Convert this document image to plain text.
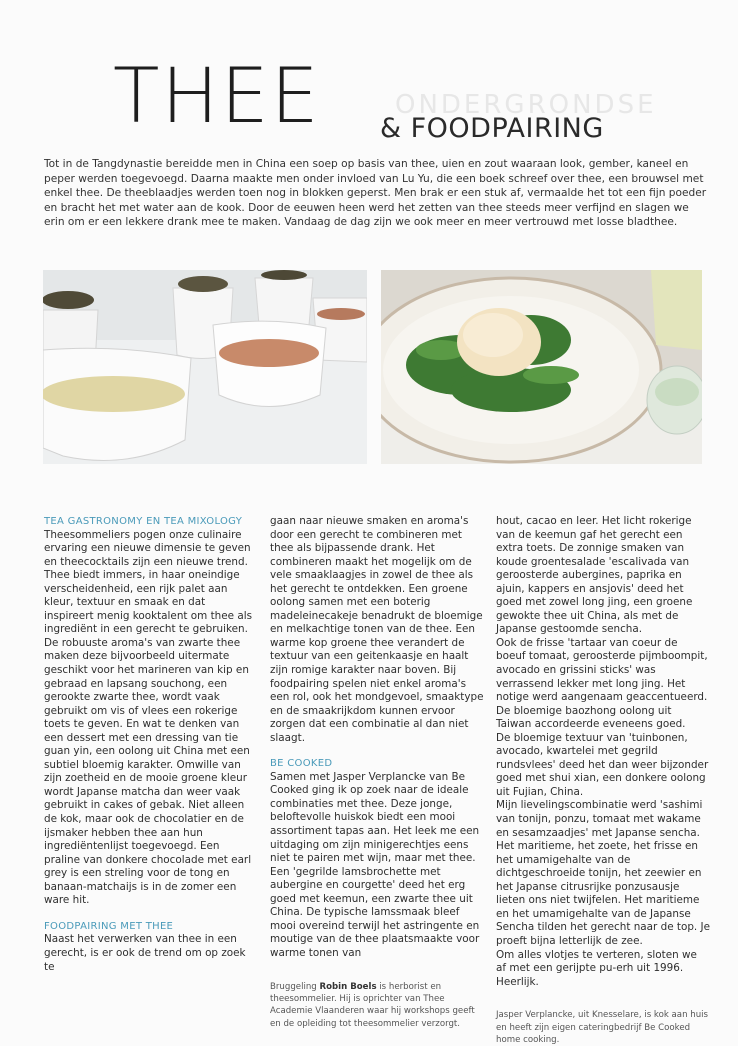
ONDERGRONDSE
THEE & FOODPAIRING
Tot in de Tangdynastie bereidde men in China een soep op basis van thee, uien en zout waaraan look, gember, kaneel en peper werden toegevoegd. Daarna maakte men onder invloed van Lu Yu, die een boek schreef over thee, een brouwsel met enkel thee. De theeblaadjes werden toen nog in blokken geperst. Men brak er een stuk af, vermaalde het tot een fijn poeder en bracht het met water aan de kook. Door de eeuwen heen werd het zetten van thee steeds meer verfijnd en slagen we erin om er een lekkere drank mee te maken. Vandaag de dag zijn we ook meer en meer vertrouwd met losse bladthee.

TEA GASTRONOMY EN TEA MIXOLOGY

Theesommeliers pogen onze culinaire ervaring een nieuwe dimensie te geven en theecocktails zijn een nieuwe trend. Thee biedt immers, in haar oneindige verscheidenheid, een rijk palet aan kleur, textuur en smaak en dat inspireert menig kooktalent om thee als ingrediënt in een gerecht te gebruiken. De robuuste aroma's van zwarte thee maken deze bijvoorbeeld uitermate geschikt voor het marineren van kip en gebraad en lapsang souchong, een gerookte zwarte thee, wordt vaak gebruikt om vis of vlees een rokerige toets te geven. En wat te denken van een dessert met een dressing van tie guan yin, een oolong uit China met een subtiel bloemig karakter. Omwille van zijn zoetheid en de mooie groene kleur wordt Japanse matcha dan weer vaak gebruikt in cakes of gebak. Niet alleen de kok, maar ook de chocolatier en de ijsmaker hebben thee aan hun ingrediëntenlijst toegevoegd. Een praline van donkere chocolade met earl grey is een streling voor de tong en banaan-matchaijs is in de zomer een ware hit.

FOODPAIRING MET THEE

Naast het verwerken van thee in een gerecht, is er ook de trend om op zoek te

gaan naar nieuwe smaken en aroma's door een gerecht te combineren met thee als bijpassende drank. Het combineren maakt het mogelijk om de vele smaaklaagjes in zowel de thee als het gerecht te ontdekken. Een groene oolong samen met een boterig madeleinecakeje benadrukt de bloemige en melkachtige tonen van de thee. Een warme kop groene thee verandert de textuur van een geitenkaasje en haalt zijn romige karakter naar boven. Bij foodpairing spelen niet enkel aroma's een rol, ook het mondgevoel, smaaktype en de smaakrijkdom kunnen ervoor zorgen dat een combinatie al dan niet slaagt.

BE COOKED

Samen met Jasper Verplancke van Be Cooked ging ik op zoek naar de ideale combinaties met thee. Deze jonge, beloftevolle huiskok biedt een mooi assortiment tapas aan. Het leek me een uitdaging om zijn minigerechtjes eens niet te pairen met wijn, maar met thee.

Een 'gegrilde lamsbrochette met aubergine en courgette' deed het erg goed met keemun, een zwarte thee uit China. De typische lamssmaak bleef mooi overeind terwijl het astringente en moutige van de thee plaatsmaakte voor warme tonen van

Bruggeling Robin Boels is herborist en theesommelier. Hij is oprichter van Thee Academie Vlaanderen waar hij workshops geeft en de opleiding tot theesommelier verzorgt.

hout, cacao en leer. Het licht rokerige van de keemun gaf het gerecht een extra toets. De zonnige smaken van koude groentesalade 'escalivada van geroosterde aubergines, paprika en ajuin, kappers en ansjovis' deed het goed met zowel long jing, een groene gewokte thee uit China, als met de Japanse gestoomde sencha.

Ook de frisse 'tartaar van coeur de boeuf tomaat, geroosterde pijmboompit, avocado en grissini sticks' was verrassend lekker met long jing. Het notige werd aangenaam geaccentueerd. De bloemige baozhong oolong uit Taiwan accordeerde eveneens goed.

De bloemige textuur van 'tuinbonen, avocado, kwartelei met gegrild rundsvlees' deed het dan weer bijzonder goed met shui xian, een donkere oolong uit Fujian, China.

Mijn lievelingscombinatie werd 'sashimi van tonijn, ponzu, tomaat met wakame en sesamzaadjes' met Japanse sencha. Het maritieme, het zoete, het frisse en het umamigehalte van de dichtgeschroeide tonijn, het zeewier en het Japanse citrusrijke ponzusausje lieten ons niet twijfelen. Het maritieme en het umamigehalte van de Japanse Sencha tilden het gerecht naar de top. Je proeft bijna letterlijk de zee.

Om alles vlotjes te verteren, sloten we af met een gerijpte pu-erh uit 1996. Heerlijk.

Jasper Verplancke, uit Knesselare, is kok aan huis en heeft zijn eigen cateringbedrijf Be Cooked home cooking.
